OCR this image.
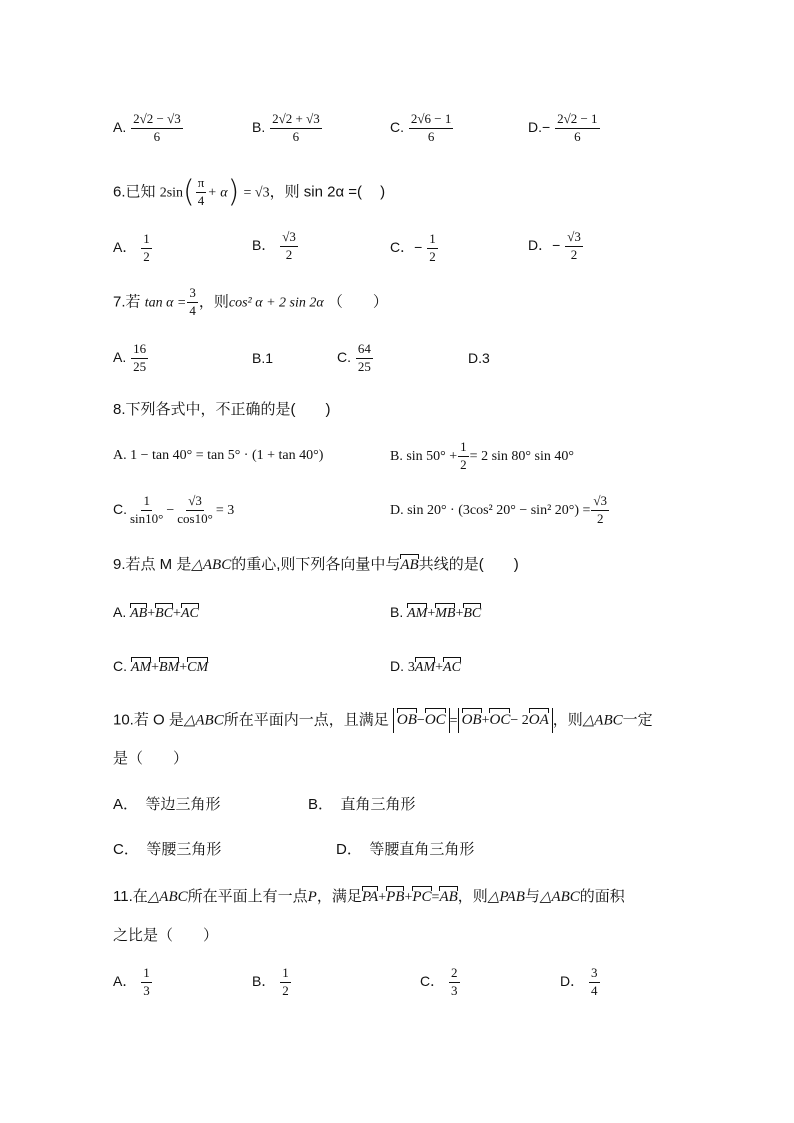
A. $\frac{2√2 - √3}{6}$	B. $\frac{2√2 + √3}{6}$	C. $\frac{2√6 - 1}{6}$	$D.- \frac{2√2 - 1}{6}$
6.已知 $2\sin( \frac{\pi}{4} + \alpha) = √3$，则 sin 2α =( )
A． $\frac{1}{2}$	B． $\frac{√3}{2}$	C．− $\frac{1}{2}$	D．− $\frac{√3}{2}$
7.若 $\tan \alpha = \frac{3}{4}$ ，则cos² α + 2 sin 2α （　　）
A. $\frac{16}{25}$	B.1	C. $\frac{64}{25}$	D.3
8.下列各式中，不正确的是(　　)
A. 1 − tan 40° = tan 5° · (1 + tan 40°)	B. $\sin 50^\circ + \frac{1}{2} = 2$ sin 80° sin 40°
C. $\frac{1}{\sin 10^\circ} - \frac{√3}{\cos 10^\circ} = 3$	D. sin 20° · (3cos² 20° − sin² $20^\circ) = \frac{√3}{2}$
9.若点 M 是△ABC的重心,则下列各向量中与AB共线的是(　　)
A. AB+BC+AC	B. AM+MB+BC
C. AM+BM+CM	D. 3AM+AC
10.若 O 是△ABC所在平面内一点，且满足 OB−OC = OB+OC− 2OA ，则△ABC一定
是（　　）
A．　等边三角形	B．　直角三角形
C．　等腰三角形	D．　等腰直角三角形
11.在△ABC所在平面上有一点P，满足PA+PB+PC=AB，则△PAB与△ABC的面积
之比是（　　）
A． $\frac{1}{3}$	B． $\frac{1}{2}$	C． $\frac{2}{3}$	D． $\frac{3}{4}$
